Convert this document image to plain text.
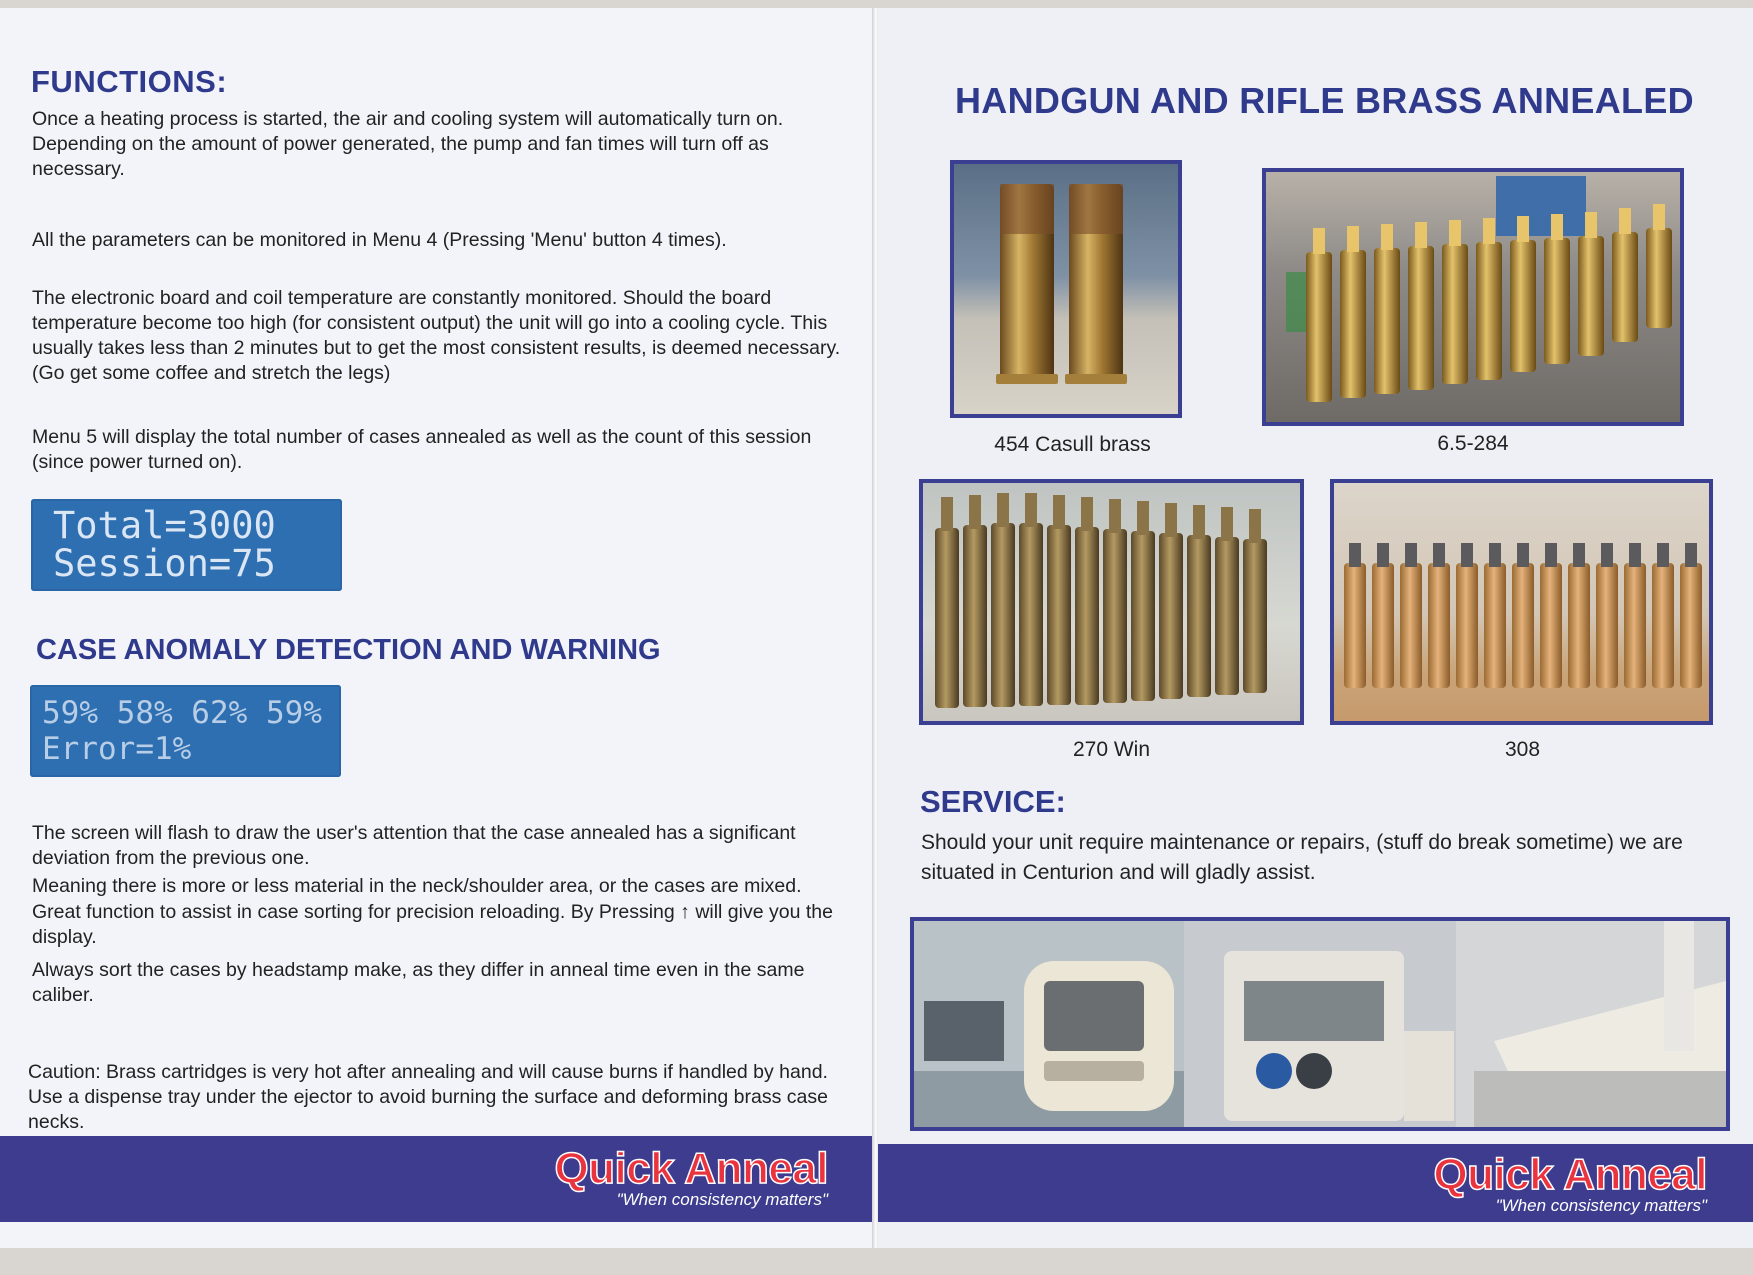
FUNCTIONS:
Once a heating process is started, the air and cooling system will automatically turn on. Depending on the amount of power generated, the pump and fan times will turn off as necessary.
All the parameters can be monitored in Menu 4 (Pressing 'Menu' button 4 times).
The electronic board and coil temperature are constantly monitored. Should the board temperature become too high (for consistent output) the unit will go into a cooling cycle. This usually takes less than 2 minutes but to get the most consistent results, is deemed necessary. (Go get some coffee and stretch the legs)
Menu 5 will display the total number of cases annealed as well as the count of this session (since power turned on).
Total=3000
Session=75
CASE ANOMALY DETECTION AND WARNING
59% 58% 62% 59%
Error=1%
The screen will flash to draw the user's attention that the case annealed has a significant deviation from the previous one.
Meaning there is more or less material in the neck/shoulder area, or the cases are mixed.
Great function to assist in case sorting for precision reloading. By Pressing ↑ will give you the display.
Always sort the cases by headstamp make, as they differ in anneal time even in the same caliber.
Caution: Brass cartridges is very hot after annealing and will cause burns if handled by hand. Use a dispense tray under the ejector to avoid burning the surface and deforming brass case necks.
Quick Anneal
"When consistency matters"
HANDGUN AND RIFLE BRASS ANNEALED
454 Casull brass	6.5-284
270 Win	308
SERVICE:
Should your unit require maintenance or repairs, (stuff do break sometime) we are situated in Centurion and will gladly assist.
Quick Anneal
"When consistency matters"
